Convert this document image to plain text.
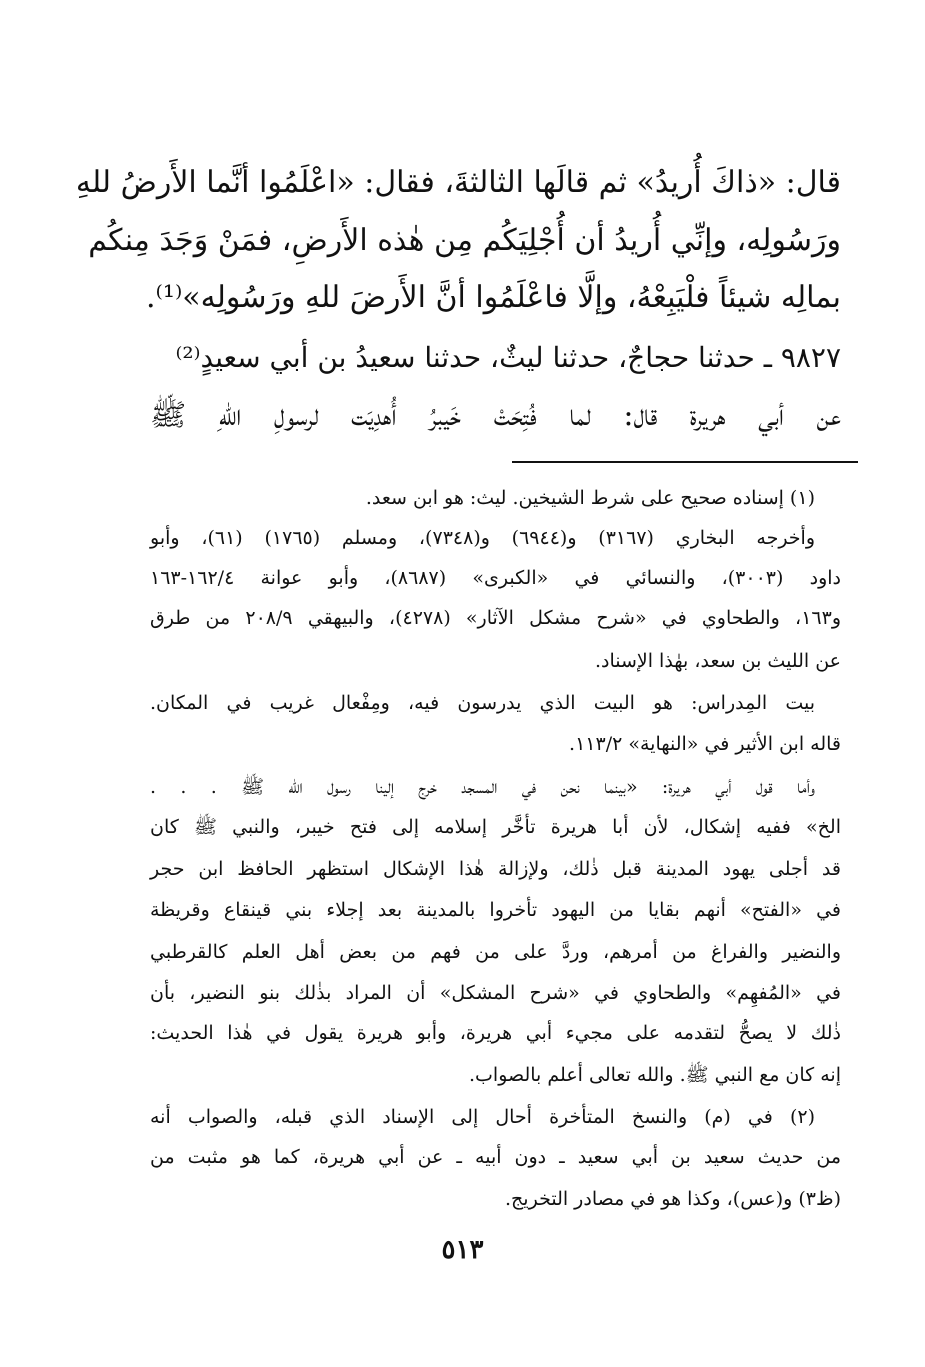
قال: «ذاكَ أُريدُ» ثم قالَها الثالثةَ، فقال: «اعْلَمُوا أنَّما الأَرضُ للهِ
ورَسُولِه، وإنِّي أُريدُ أن أُجْلِيَكُم مِن هٰذه الأَرضِ، فمَنْ وَجَدَ مِنكُم
بمالِه شيئاً فلْيَبِعْهُ، وإلَّا فاعْلَمُوا أنَّ الأَرضَ للهِ ورَسُولِه»⁽¹⁾.
٩٨٢٧ ـ حدثنا حجاجٌ، حدثنا ليثٌ، حدثنا سعيدُ بن أبي سعيدٍ⁽²⁾
عن أبي هريرة قال: لما فُتِحَتْ خَيبرُ أُهدِيَت لرسولِ اللهِ ﷺ
(١) إسناده صحيح على شرط الشيخين. ليث: هو ابن سعد.
وأخرجه البخاري (٣١٦٧) و(٦٩٤٤) و(٧٣٤٨)، ومسلم (١٧٦٥) (٦١)، وأبو
داود (٣٠٠٣)، والنسائي في «الكبرى» (٨٦٨٧)، وأبو عوانة ١٦٢/٤-١٦٣
و١٦٣، والطحاوي في «شرح مشكل الآثار» (٤٢٧٨)، والبيهقي ٢٠٨/٩ من طرق
عن الليث بن سعد، بهٰذا الإسناد.
بيت المِدراس: هو البيت الذي يدرسون فيه، ومِفْعال غريب في المكان.
قاله ابن الأثير في «النهاية» ١١٣/٢.
وأما قول أبي هريرة: «بينما نحن في المسجد خرج إلينا رسول الله ﷺ . . .
الخ» ففيه إشكال، لأن أبا هريرة تأخَّر إسلامه إلى فتح خيبر، والنبي ﷺ كان
قد أجلى يهود المدينة قبل ذٰلك، ولإزالة هٰذا الإشكال استظهر الحافظ ابن حجر
في «الفتح» أنهم بقايا من اليهود تأخروا بالمدينة بعد إجلاء بني قينقاع وقريظة
والنضير والفراغ من أمرهم، وردَّ على من فهم من بعض أهل العلم كالقرطبي
في «المُفهِم» والطحاوي في «شرح المشكل» أن المراد بذٰلك بنو النضير، بأن
ذٰلك لا يصحُّ لتقدمه على مجيء أبي هريرة، وأبو هريرة يقول في هٰذا الحديث:
إنه كان مع النبي ﷺ. والله تعالى أعلم بالصواب.
(٢) في (م) والنسخ المتأخرة أحال إلى الإسناد الذي قبله، والصواب أنه
من حديث سعيد بن أبي سعيد ـ دون أبيه ـ عن أبي هريرة، كما هو مثبت من
(ظ٣) و(عس)، وكذا هو في مصادر التخريج.
٥١٣
